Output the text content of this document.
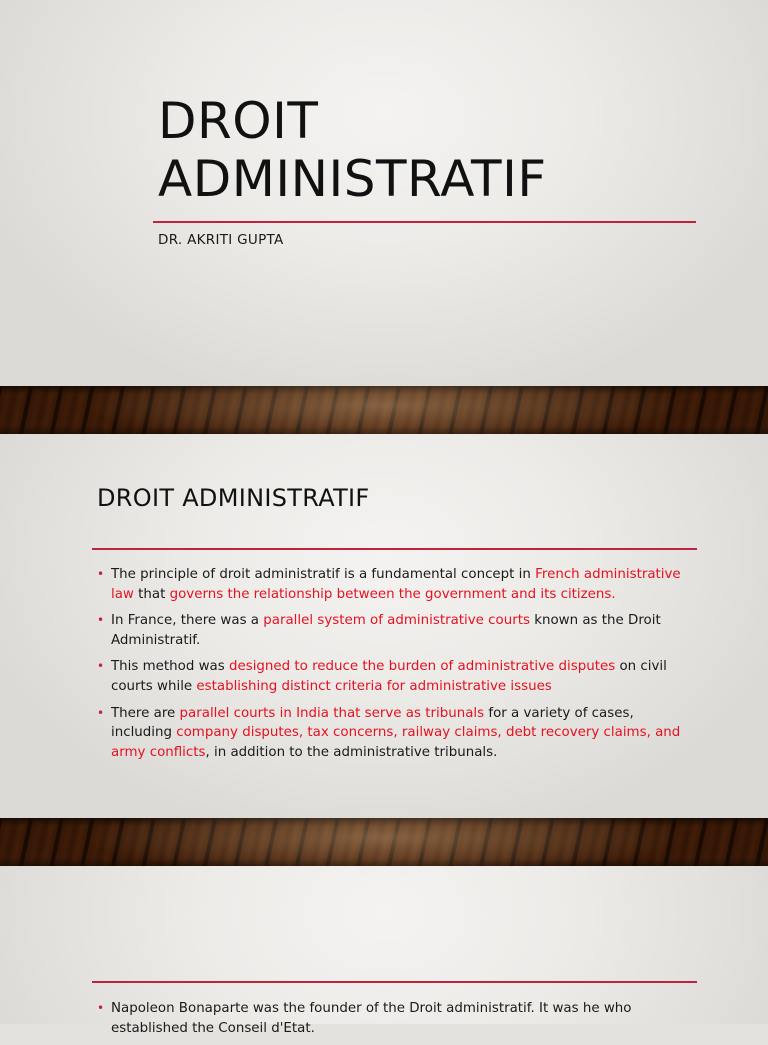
DROIT
ADMINISTRATIF
DR. AKRITI GUPTA
DROIT ADMINISTRATIF
• The principle of droit administratif is a fundamental concept in French administrative law that governs the relationship between the government and its citizens.
• In France, there was a parallel system of administrative courts known as the Droit Administratif.
• This method was designed to reduce the burden of administrative disputes on civil courts while establishing distinct criteria for administrative issues
• There are parallel courts in India that serve as tribunals for a variety of cases, including company disputes, tax concerns, railway claims, debt recovery claims, and army conflicts, in addition to the administrative tribunals.
• Napoleon Bonaparte was the founder of the Droit administratif. It was he who established the Conseil d'Etat.
